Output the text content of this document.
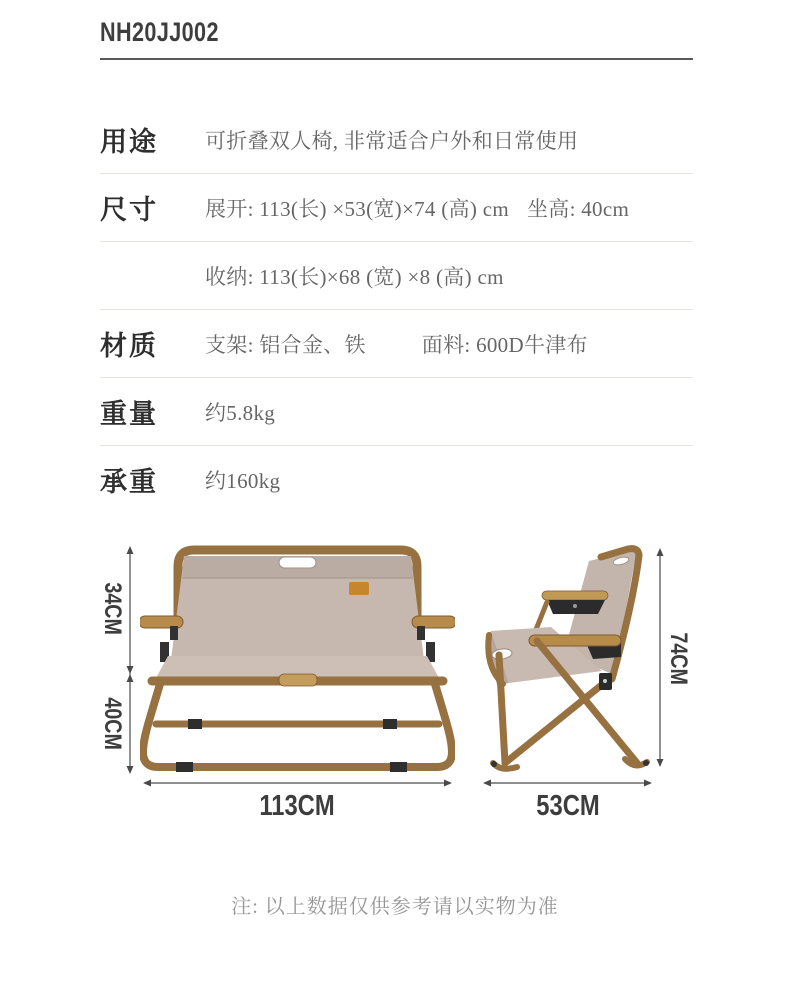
NH20JJ002
用途	可折叠双人椅, 非常适合户外和日常使用
尺寸	展开: 113(长) ×53(宽)×74 (高) cm 坐高: 40cm
收纳: 113(长)×68 (宽) ×8 (高) cm
材质	支架: 铝合金、铁	面料: 600D牛津布
重量	约5.8kg
承重	约160kg
34CM
40CM
113CM
74CM
53CM
注: 以上数据仅供参考请以实物为准
